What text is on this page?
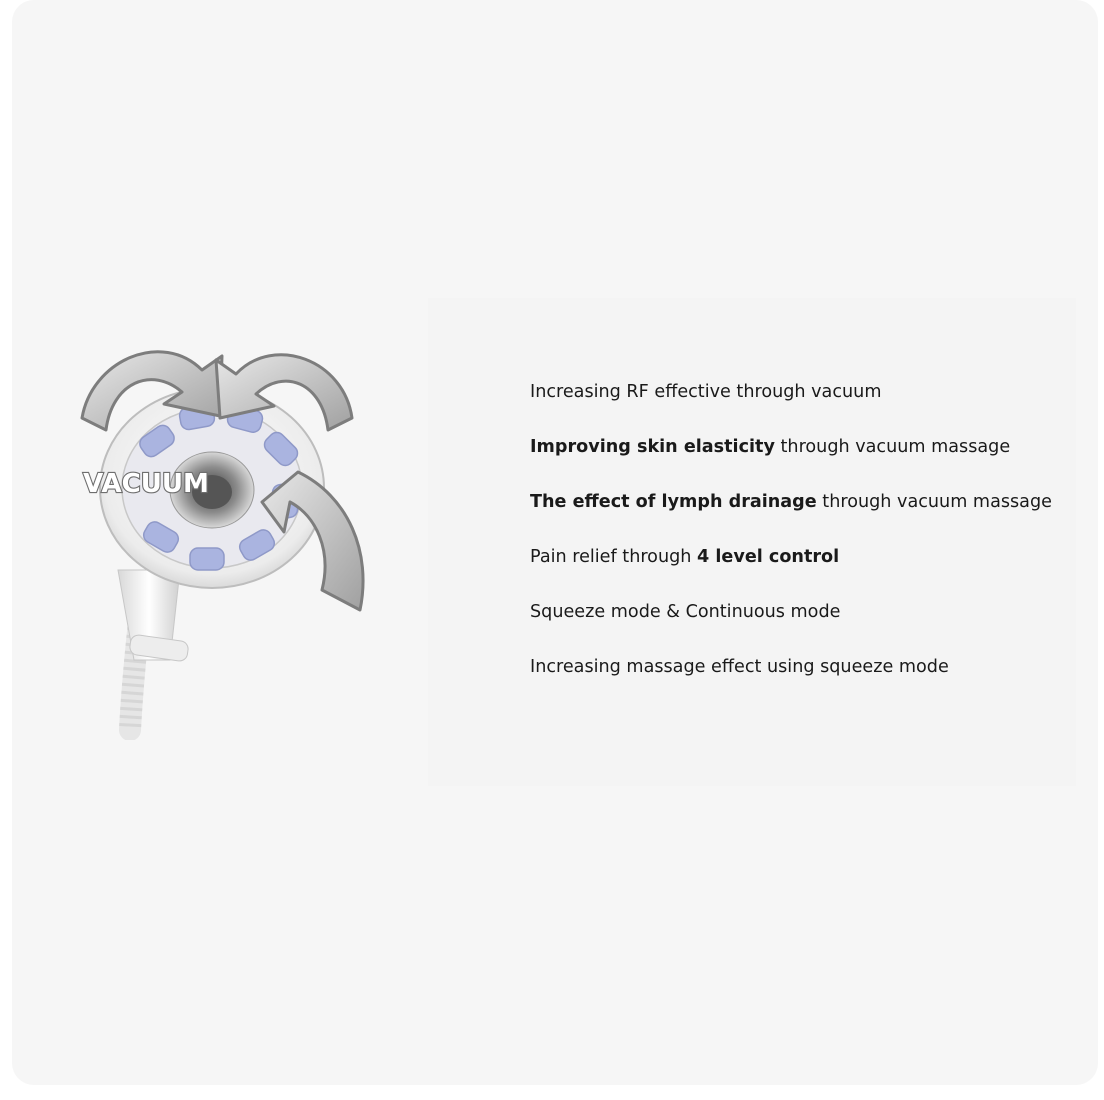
VACUUM
Increasing RF effective through vacuum
Improving skin elasticity through vacuum massage
The effect of lymph drainage through vacuum massage
Pain relief through 4 level control
Squeeze mode & Continuous mode
Increasing massage effect using squeeze mode
